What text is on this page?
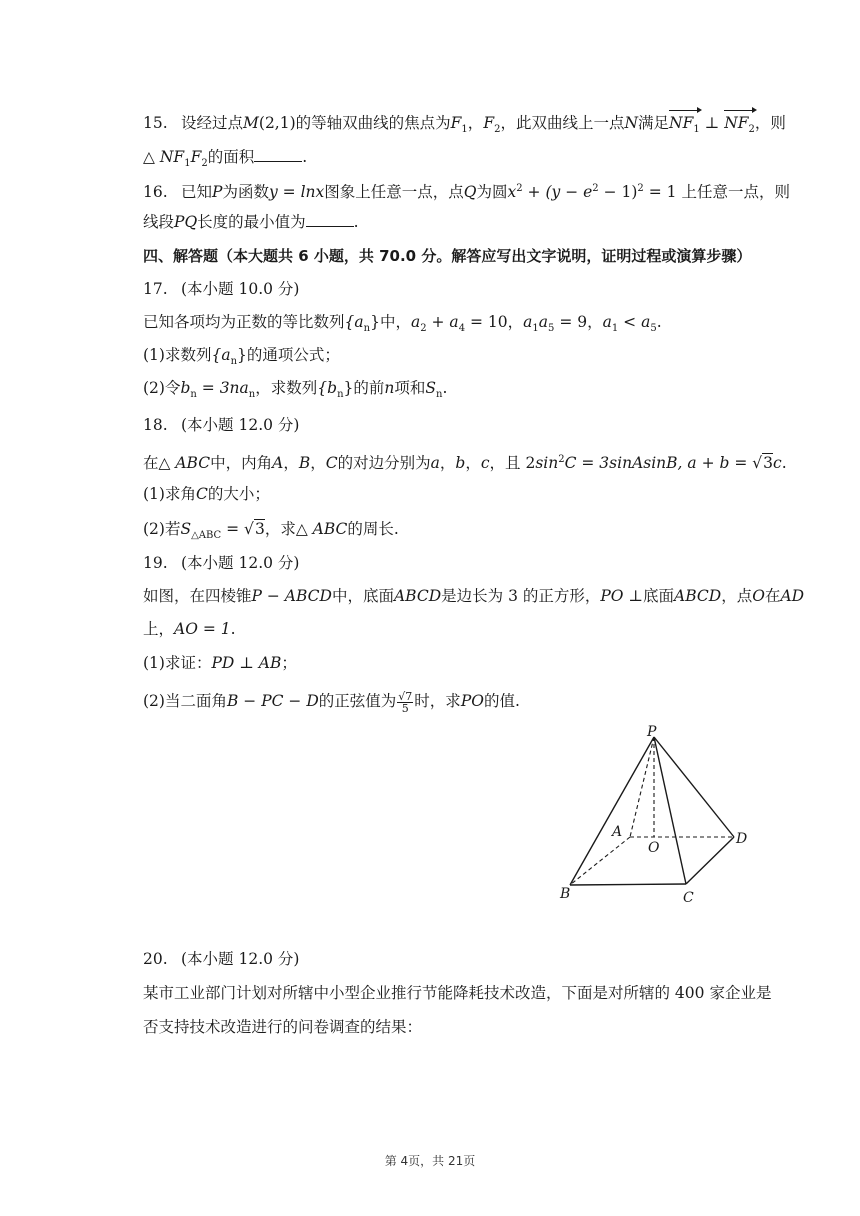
15. 设经过点M(2,1)的等轴双曲线的焦点为$F_1$，$F_2$，此双曲线上一点N满足$NF_1$ ⊥ $NF_2$，则
△ $NF_1F_2$的面积	.
16. 已知P为函数y = lnx图象上任意一点，点Q为圆$x^2 + (y - e^2 - 1)^2 = 1$ 上任意一点，则
线段PQ长度的最小值为	.
四、解答题（本大题共 6 小题，共 70.0 分。解答应写出文字说明，证明过程或演算步骤）
17. (本小题 10.0 分)
已知各项均为正数的等比数列$\{a_n\}$中，$a_2 + a_4 = 10$，$a_1a_5 = 9$，$a_1 < a_5$.
(1)求数列$\{a_n\}$的通项公式；
(2)令$b_n = 3na_n$，求数列$\{b_n\}$的前n项和$S_n$.
18. (本小题 12.0 分)
在△ ABC中，内角A，B，C的对边分别为a，b，c，且 $2\sin^2C$ = 3sinAsinB, a + b = √3c.
(1)求角C的大小；
(2)若$S_{\triangle ABC} = √3$，求△ ABC的周长.
19. (本小题 12.0 分)
如图，在四棱锥P − ABCD中，底面ABCD是边长为 3 的正方形，PO ⊥底面ABCD，点O在AD
上，AO = 1.
(1)求证：PD ⊥ AB；
(2)当二面角B − PC − D的正弦值为 $\frac{√7}{5}$ 时，求PO的值.
P
A
O
D
B	C
20. (本小题 12.0 分)
某市工业部门计划对所辖中小型企业推行节能降耗技术改造，下面是对所辖的 400 家企业是
否支持技术改造进行的问卷调查的结果：
第 4页，共 21页
